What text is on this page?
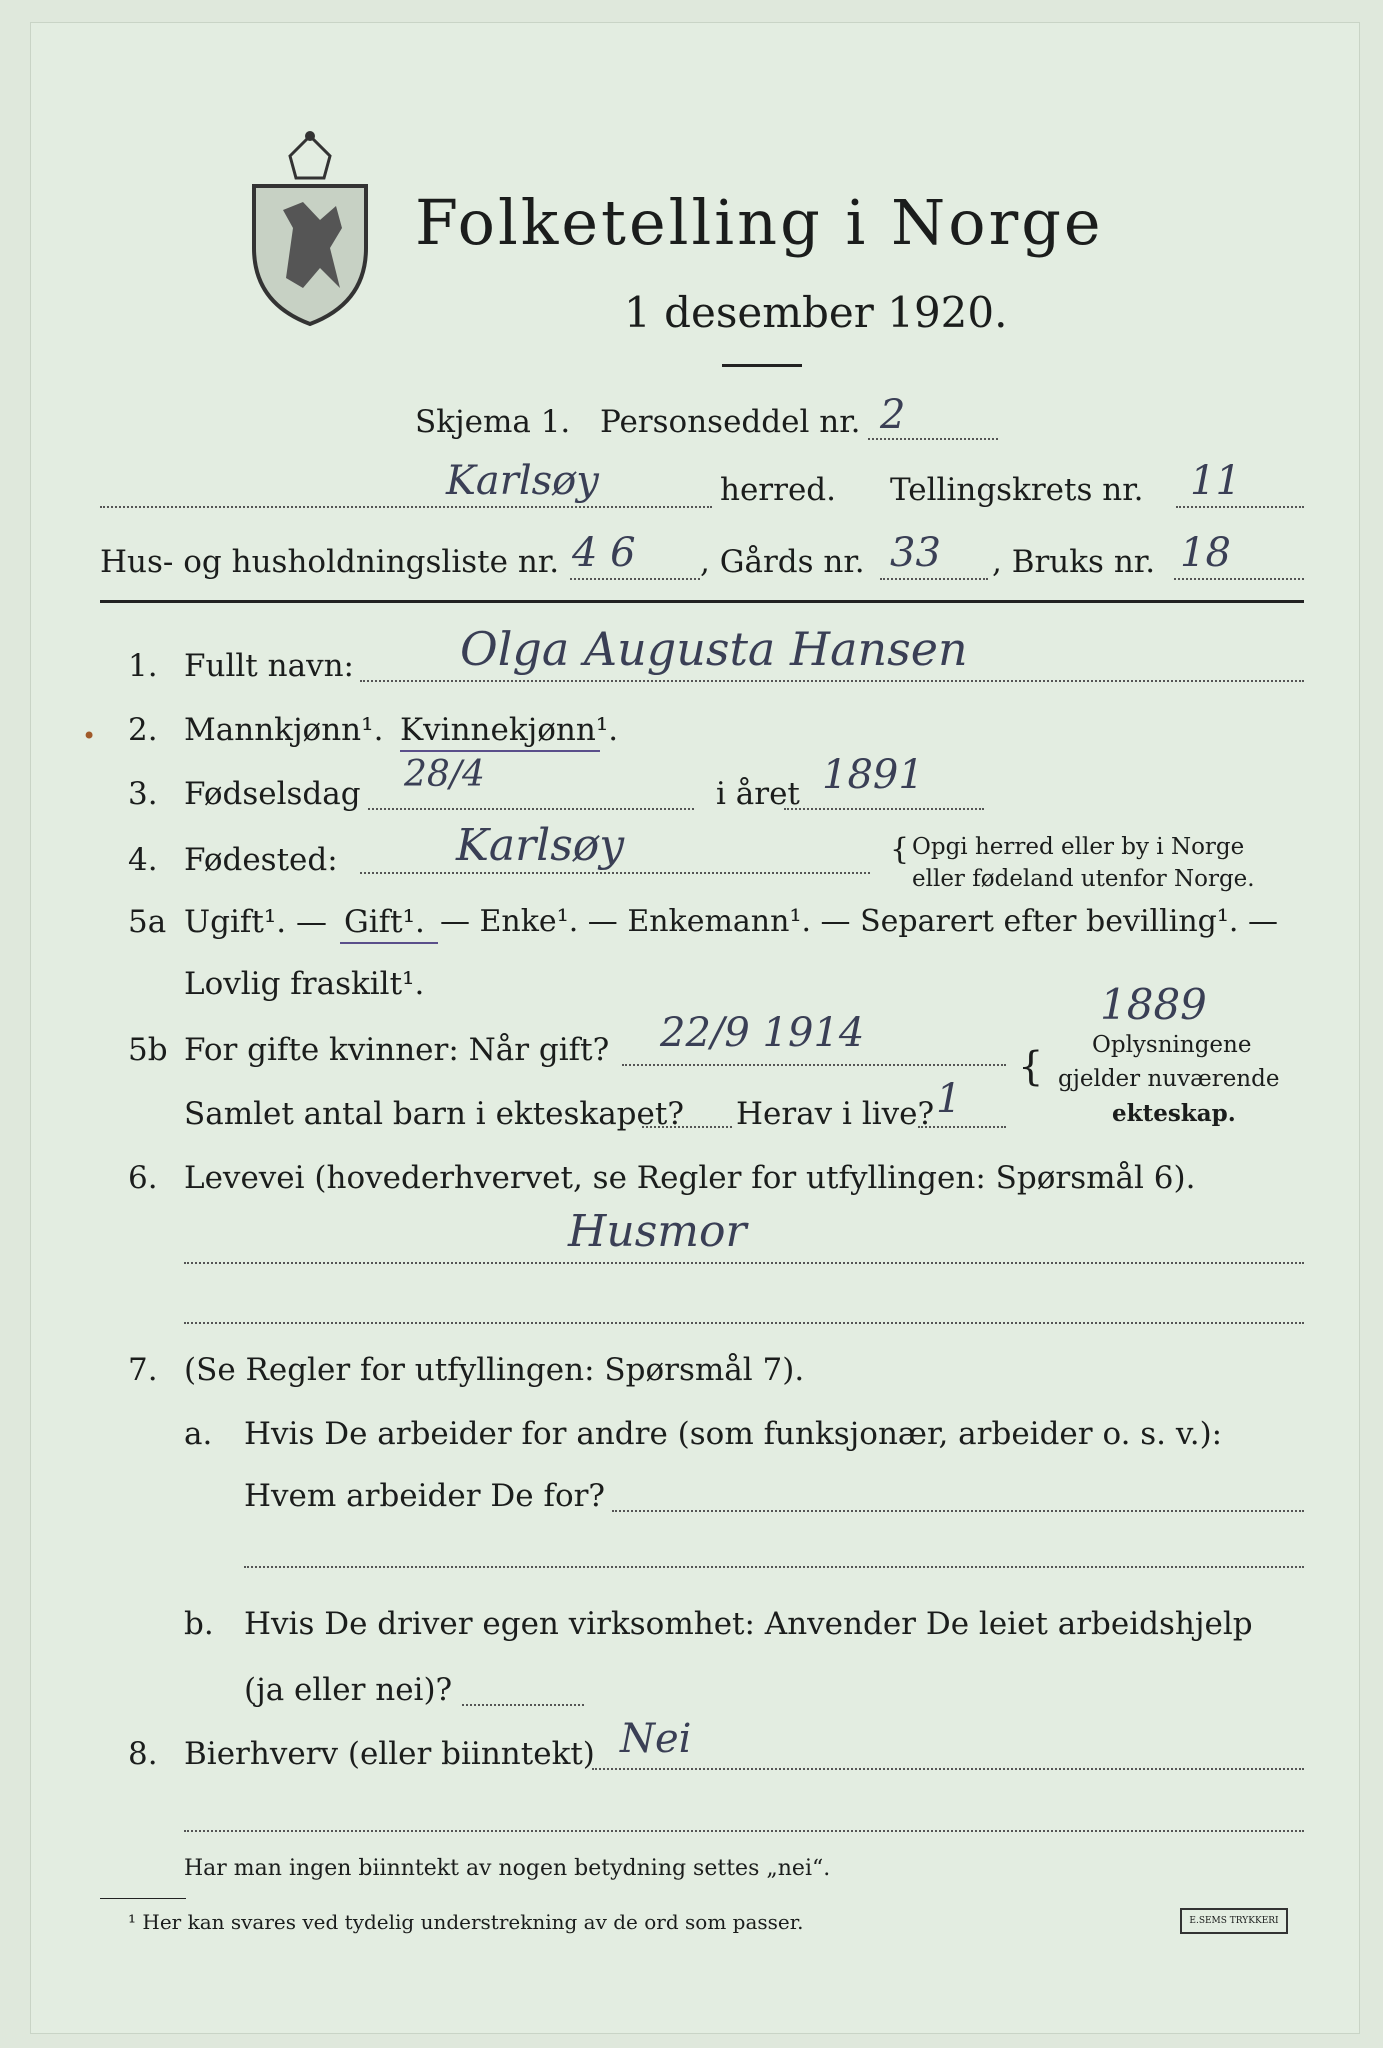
Folketelling i Norge
1 desember 1920.
Skjema 1. Personseddel nr. 2
Karlsøy	herred. Tellingskrets nr. 11
Hus- og husholdningsliste nr. 4 6 , Gårds nr. 33 , Bruks nr. 18
1. Fullt navn: Olga Augusta Hansen
• 2. Mannkjønn¹. Kvinnekjønn¹.
3. Fødselsdag 28/4	i året 1891
4. Fødested:	Karlsøy	{ Opgi herred eller by i Norge
eller fødeland utenfor Norge.
5a Ugift¹. — Gift¹. — Enke¹. — Enkemann¹. — Separert efter bevilling¹. —
Lovlig fraskilt¹.
5b For gifte kvinner: Når gift? 22/9 1914
1889
{ Oplysningene
gjelder nuværende
ekteskap.
Samlet antal barn i ekteskapet? Herav i live? 1
6. Levevei (hovederhvervet, se Regler for utfyllingen: Spørsmål 6).
Husmor
7. (Se Regler for utfyllingen: Spørsmål 7).
a. Hvis De arbeider for andre (som funksjonær, arbeider o. s. v.):
Hvem arbeider De for?
b. Hvis De driver egen virksomhet: Anvender De leiet arbeidshjelp
(ja eller nei)?
8. Bierhverv (eller biinntekt) Nei
Har man ingen biinntekt av nogen betydning settes „nei“.
¹ Her kan svares ved tydelig understrekning av de ord som passer.	E.SEMS TRYKKERI
